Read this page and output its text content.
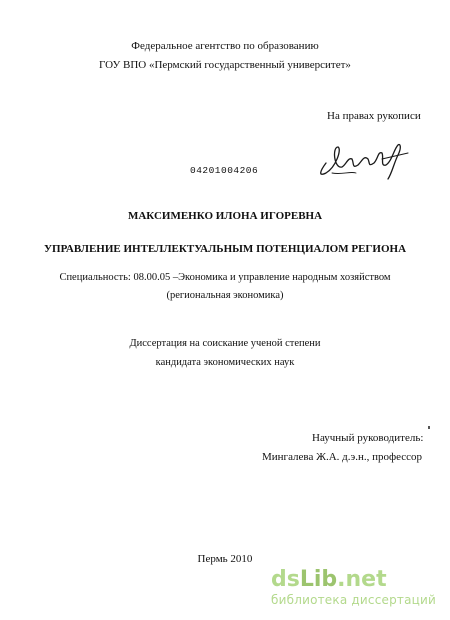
Федеральное агентство по образованию
ГОУ ВПО «Пермский государственный университет»
На правах рукописи
04201004206
МАКСИМЕНКО ИЛОНА ИГОРЕВНА
УПРАВЛЕНИЕ ИНТЕЛЛЕКТУАЛЬНЫМ ПОТЕНЦИАЛОМ РЕГИОНА
Специальность: 08.00.05 –Экономика и управление народным хозяйством
(региональная экономика)
Диссертация на соискание ученой степени
кандидата экономических наук
Научный руководитель:
Мингалева Ж.А. д.э.н., профессор
Пермь 2010
dsLib.net
библиотека диссертаций
